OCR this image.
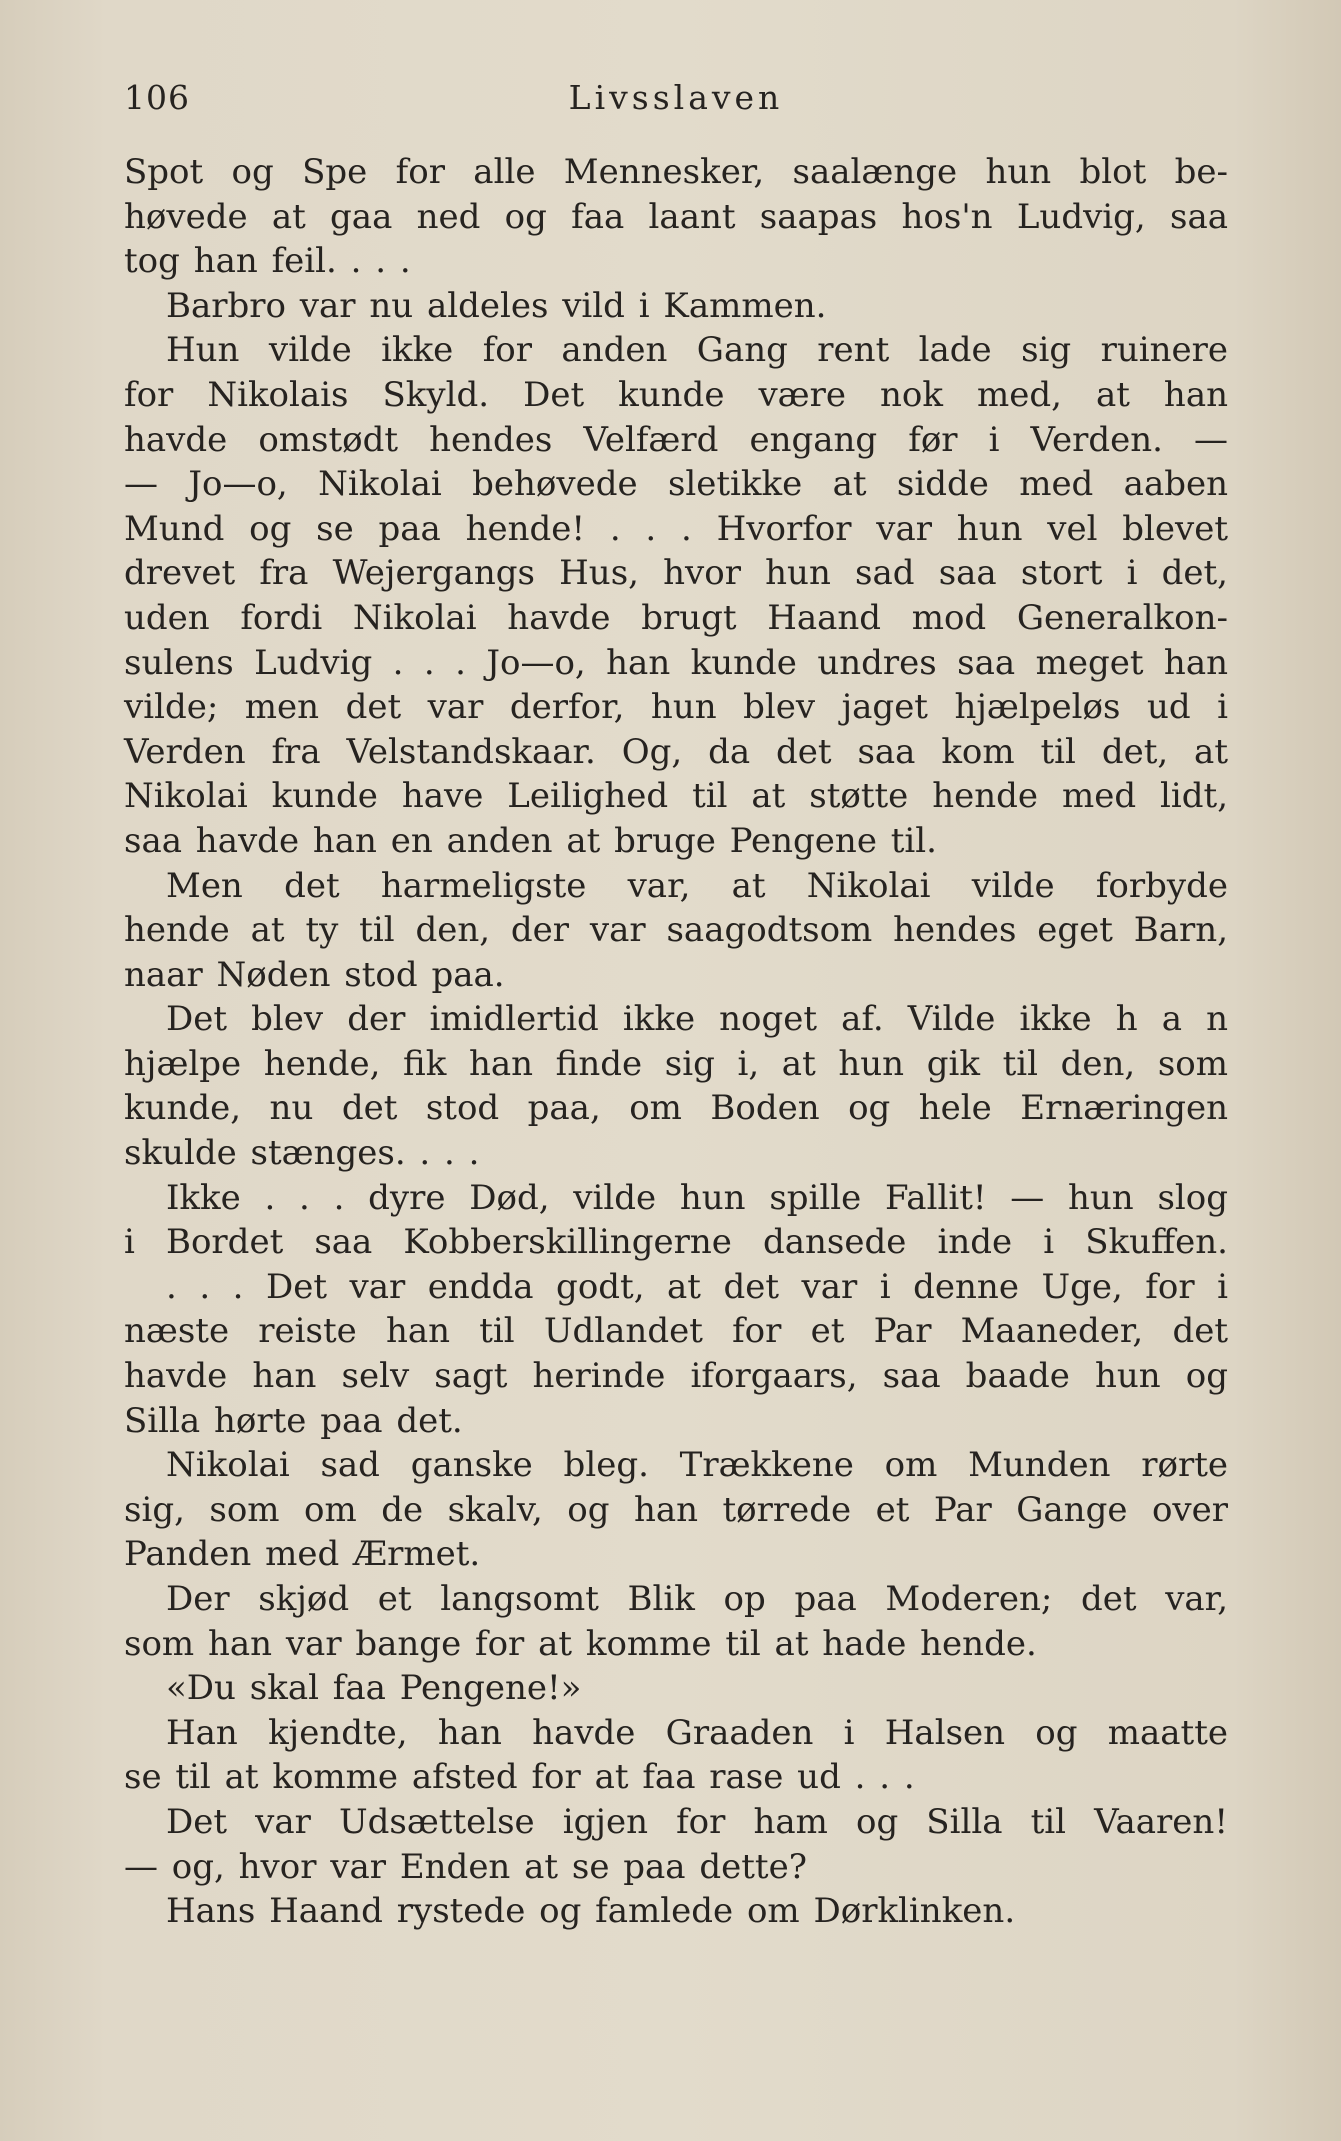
106	Livsslaven
Spot og Spe for alle Mennesker, saalænge hun blot be-
høvede at gaa ned og faa laant saapas hos'n Ludvig, saa
tog han feil. . . .
Barbro var nu aldeles vild i Kammen.
Hun vilde ikke for anden Gang rent lade sig ruinere
for Nikolais Skyld. Det kunde være nok med, at han
havde omstødt hendes Velfærd engang før i Verden. —
— Jo—o, Nikolai behøvede sletikke at sidde med aaben
Mund og se paa hende! . . . Hvorfor var hun vel blevet
drevet fra Wejergangs Hus, hvor hun sad saa stort i det,
uden fordi Nikolai havde brugt Haand mod Generalkon-
sulens Ludvig . . . Jo—o, han kunde undres saa meget han
vilde; men det var derfor, hun blev jaget hjælpeløs ud i
Verden fra Velstandskaar. Og, da det saa kom til det, at
Nikolai kunde have Leilighed til at støtte hende med lidt,
saa havde han en anden at bruge Pengene til.
Men det harmeligste var, at Nikolai vilde forbyde
hende at ty til den, der var saagodtsom hendes eget Barn,
naar Nøden stod paa.
Det blev der imidlertid ikke noget af. Vilde ikke h a n
hjælpe hende, fik han finde sig i, at hun gik til den, som
kunde, nu det stod paa, om Boden og hele Ernæringen
skulde stænges. . . .
Ikke . . . dyre Død, vilde hun spille Fallit! — hun slog
i Bordet saa Kobberskillingerne dansede inde i Skuffen.
. . . Det var endda godt, at det var i denne Uge, for i
næste reiste han til Udlandet for et Par Maaneder, det
havde han selv sagt herinde iforgaars, saa baade hun og
Silla hørte paa det.
Nikolai sad ganske bleg. Trækkene om Munden rørte
sig, som om de skalv, og han tørrede et Par Gange over
Panden med Ærmet.
Der skjød et langsomt Blik op paa Moderen; det var,
som han var bange for at komme til at hade hende.
«Du skal faa Pengene!»
Han kjendte, han havde Graaden i Halsen og maatte
se til at komme afsted for at faa rase ud . . .
Det var Udsættelse igjen for ham og Silla til Vaaren!
— og, hvor var Enden at se paa dette?
Hans Haand rystede og famlede om Dørklinken.
